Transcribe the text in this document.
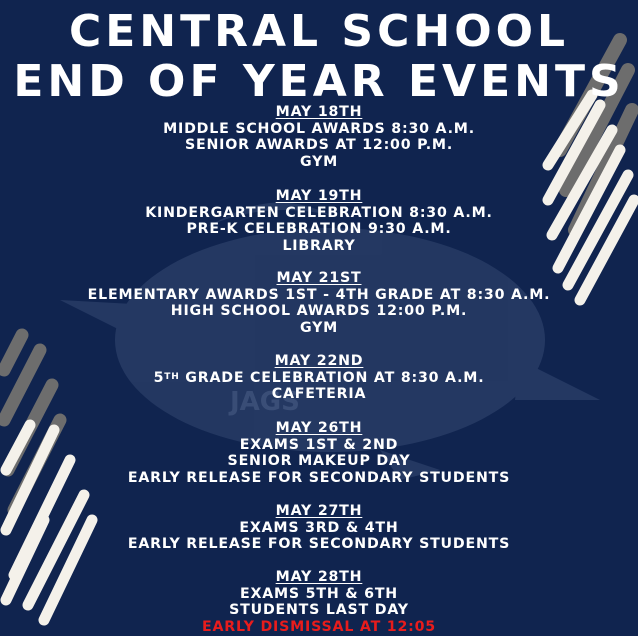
JAGS
CENTRAL SCHOOL
END OF YEAR EVENTS
MAY 18TH
MIDDLE SCHOOL AWARDS 8:30 A.M.
SENIOR AWARDS AT 12:00 P.M.
GYM
MAY 19TH
KINDERGARTEN CELEBRATION 8:30 A.M.
PRE-K CELEBRATION 9:30 A.M.
LIBRARY
MAY 21ST
ELEMENTARY AWARDS 1ST - 4TH GRADE AT 8:30 A.M.
HIGH SCHOOL AWARDS 12:00 P.M.
GYM
MAY 22ND
5TH GRADE CELEBRATION AT 8:30 A.M.
CAFETERIA
MAY 26TH
EXAMS 1ST & 2ND
SENIOR MAKEUP DAY
EARLY RELEASE FOR SECONDARY STUDENTS
MAY 27TH
EXAMS 3RD & 4TH
EARLY RELEASE FOR SECONDARY STUDENTS
MAY 28TH
EXAMS 5TH & 6TH
STUDENTS LAST DAY
EARLY DISMISSAL AT 12:05
